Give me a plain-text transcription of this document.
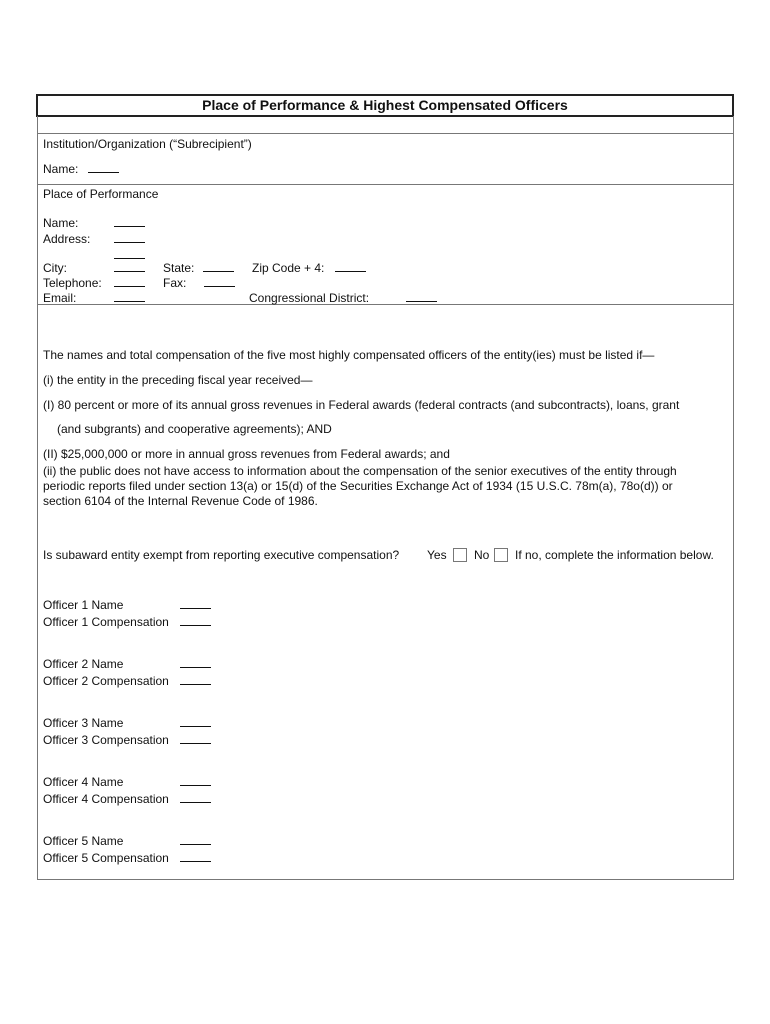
Place of Performance & Highest Compensated Officers
Institution/Organization (“Subrecipient”)
Name:
Place of Performance
Name:
Address:
City:	State:	Zip Code + 4:
Telephone:	Fax:
Email:	Congressional District:
The names and total compensation of the five most highly compensated officers of the entity(ies) must be listed if—
(i) the entity in the preceding fiscal year received—
(I) 80 percent or more of its annual gross revenues in Federal awards (federal contracts (and subcontracts), loans, grant
(and subgrants) and cooperative agreements); AND
(II) $25,000,000 or more in annual gross revenues from Federal awards; and
(ii) the public does not have access to information about the compensation of the senior executives of the entity through
periodic reports filed under section 13(a) or 15(d) of the Securities Exchange Act of 1934 (15 U.S.C. 78m(a), 78o(d)) or
section 6104 of the Internal Revenue Code of 1986.
Is subaward entity exempt from reporting executive compensation? Yes No If no, complete the information below.
Officer 1 Name
Officer 1 Compensation
Officer 2 Name
Officer 2 Compensation
Officer 3 Name
Officer 3 Compensation
Officer 4 Name
Officer 4 Compensation
Officer 5 Name
Officer 5 Compensation
